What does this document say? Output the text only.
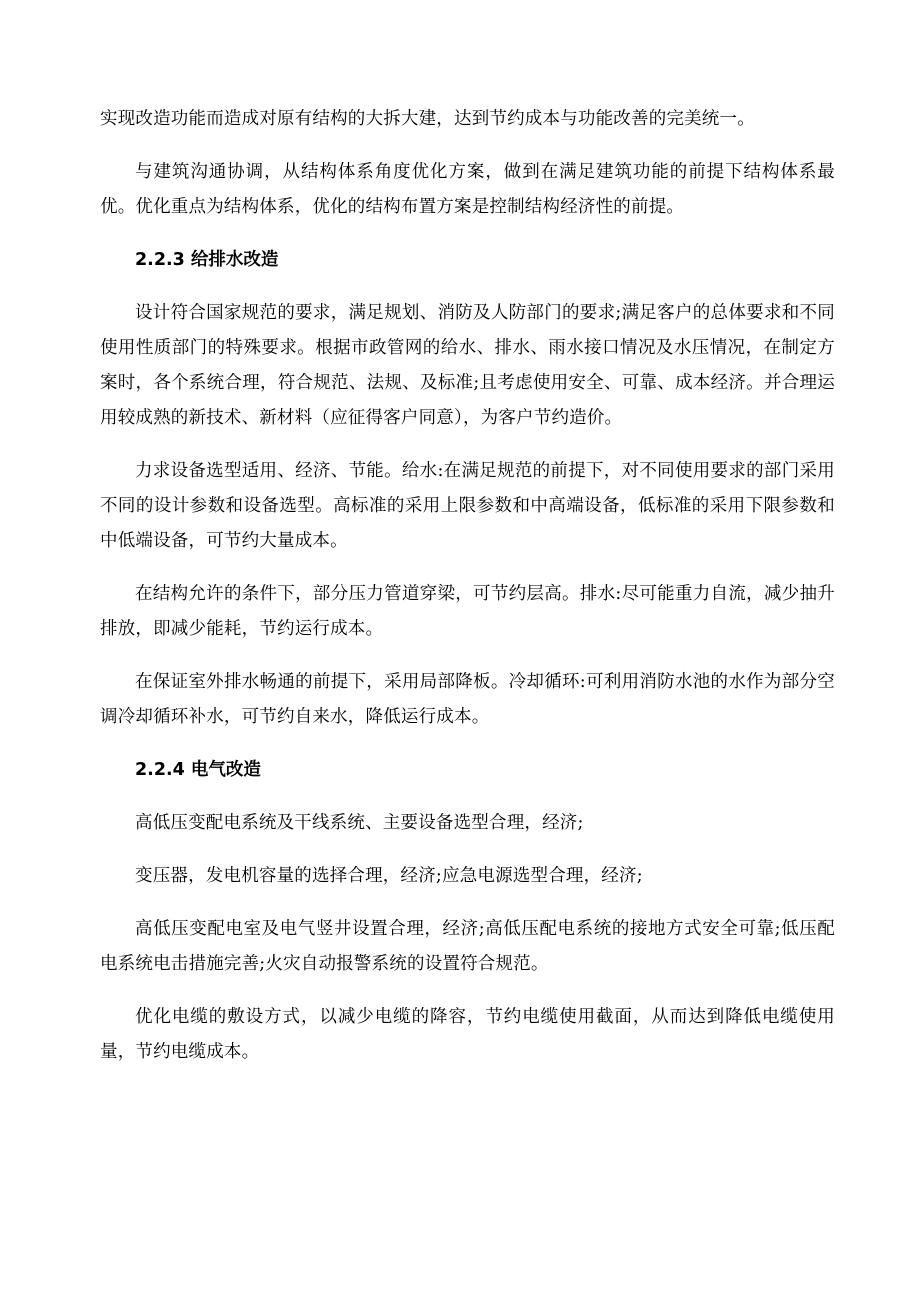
实现改造功能而造成对原有结构的大拆大建，达到节约成本与功能改善的完美统一。

与建筑沟通协调，从结构体系角度优化方案，做到在满足建筑功能的前提下结构体系最优。优化重点为结构体系，优化的结构布置方案是控制结构经济性的前提。

2.2.3 给排水改造

设计符合国家规范的要求，满足规划、消防及人防部门的要求;满足客户的总体要求和不同使用性质部门的特殊要求。根据市政管网的给水、排水、雨水接口情况及水压情况，在制定方案时，各个系统合理，符合规范、法规、及标准;且考虑使用安全、可靠、成本经济。并合理运用较成熟的新技术、新材料（应征得客户同意），为客户节约造价。

力求设备选型适用、经济、节能。给水:在满足规范的前提下，对不同使用要求的部门采用不同的设计参数和设备选型。高标准的采用上限参数和中高端设备，低标准的采用下限参数和中低端设备，可节约大量成本。

在结构允许的条件下，部分压力管道穿梁，可节约层高。排水:尽可能重力自流，减少抽升排放，即减少能耗，节约运行成本。

在保证室外排水畅通的前提下，采用局部降板。冷却循环:可利用消防水池的水作为部分空调冷却循环补水，可节约自来水，降低运行成本。

2.2.4 电气改造

高低压变配电系统及干线系统、主要设备选型合理，经济;

变压器，发电机容量的选择合理，经济;应急电源选型合理，经济;

高低压变配电室及电气竖井设置合理，经济;高低压配电系统的接地方式安全可靠;低压配电系统电击措施完善;火灾自动报警系统的设置符合规范。

优化电缆的敷设方式，以减少电缆的降容，节约电缆使用截面，从而达到降低电缆使用量，节约电缆成本。
